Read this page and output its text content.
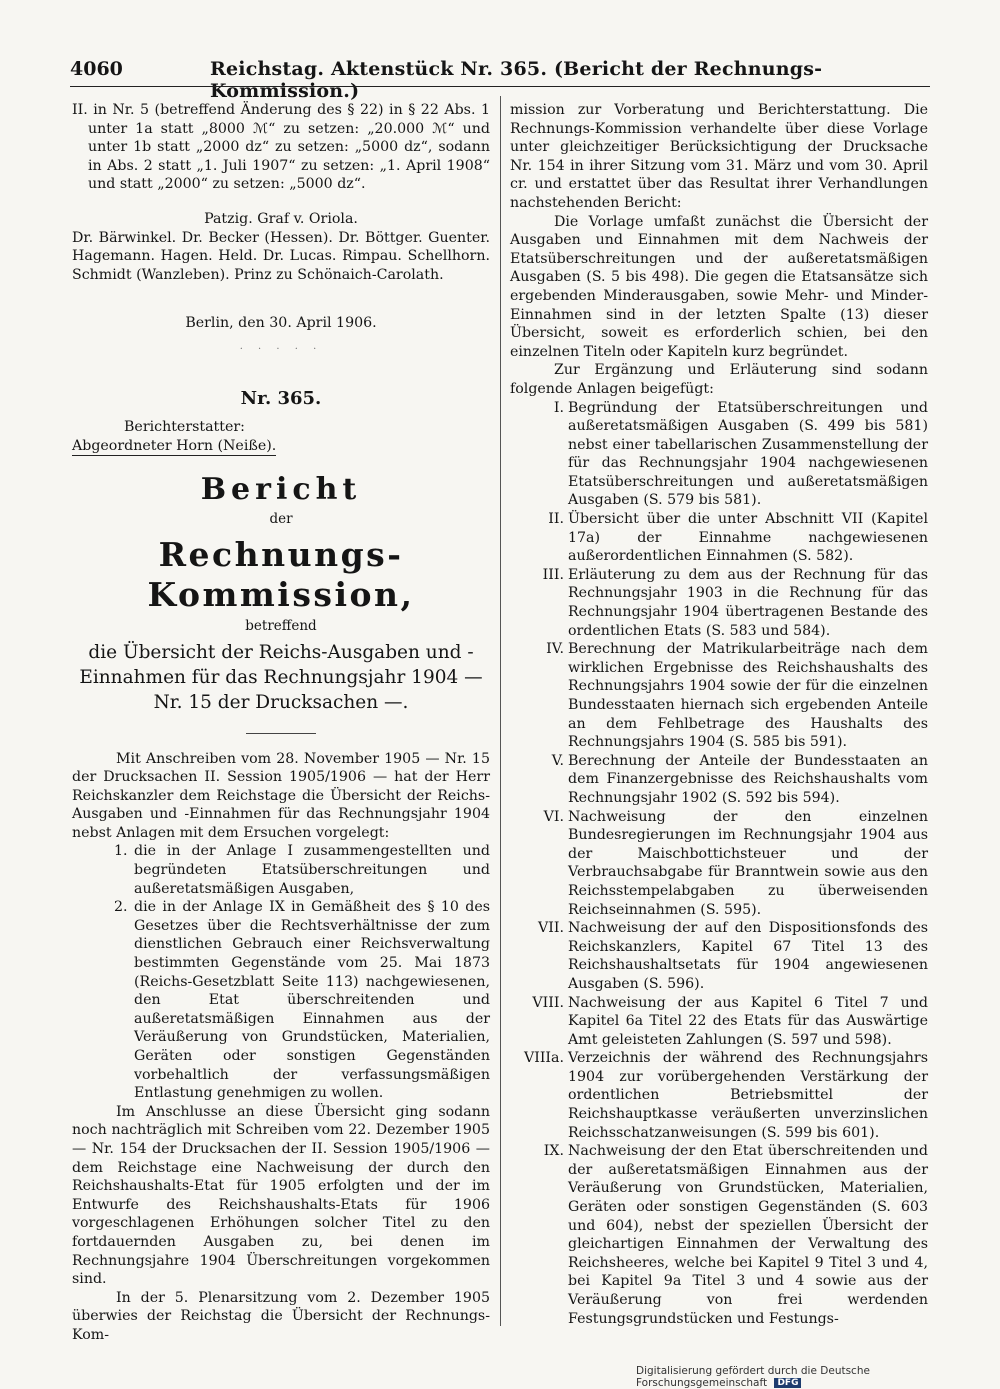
4060	Reichstag. Aktenstück Nr. 365. (Bericht der Rechnungs-Kommission.)
II. in Nr. 5 (betreffend Änderung des § 22) in § 22 Abs. 1 unter 1a statt „8000 ℳ“ zu setzen: „20.000 ℳ“ und unter 1b statt „2000 dz“ zu setzen: „5000 dz“, sodann in Abs. 2 statt „1. Juli 1907“ zu setzen: „1. April 1908“ und statt „2000“ zu setzen: „5000 dz“.
Patzig. Graf v. Oriola.
Dr. Bärwinkel. Dr. Becker (Hessen). Dr. Böttger. Guenter. Hagemann. Hagen. Held. Dr. Lucas. Rimpau. Schellhorn. Schmidt (Wanzleben). Prinz zu Schönaich-Carolath.
Berlin, den 30. April 1906.
· · · · ·
Nr. 365.
Berichterstatter:
Abgeordneter Horn (Neiße).
Bericht
der
Rechnungs-Kommission,
betreffend
die Übersicht der Reichs-Ausgaben und -Einnahmen für das Rechnungsjahr 1904 — Nr. 15 der Drucksachen —.
Mit Anschreiben vom 28. November 1905 — Nr. 15 der Drucksachen II. Session 1905/1906 — hat der Herr Reichskanzler dem Reichstage die Übersicht der Reichs-Ausgaben und -Einnahmen für das Rechnungsjahr 1904 nebst Anlagen mit dem Ersuchen vorgelegt:
1. die in der Anlage I zusammengestellten und begründeten Etatsüberschreitungen und außeretatsmäßigen Ausgaben,
2. die in der Anlage IX in Gemäßheit des § 10 des Gesetzes über die Rechtsverhältnisse der zum dienstlichen Gebrauch einer Reichsverwaltung bestimmten Gegenstände vom 25. Mai 1873 (Reichs-Gesetzblatt Seite 113) nachgewiesenen, den Etat überschreitenden und außeretatsmäßigen Einnahmen aus der Veräußerung von Grundstücken, Materialien, Geräten oder sonstigen Gegenständen vorbehaltlich der verfassungsmäßigen Entlastung genehmigen zu wollen.
Im Anschlusse an diese Übersicht ging sodann noch nachträglich mit Schreiben vom 22. Dezember 1905 — Nr. 154 der Drucksachen der II. Session 1905/1906 — dem Reichstage eine Nachweisung der durch den Reichshaushalts-Etat für 1905 erfolgten und der im Entwurfe des Reichshaushalts-Etats für 1906 vorgeschlagenen Erhöhungen solcher Titel zu den fortdauernden Ausgaben zu, bei denen im Rechnungsjahre 1904 Überschreitungen vorgekommen sind.
In der 5. Plenarsitzung vom 2. Dezember 1905 überwies der Reichstag die Übersicht der Rechnungs-Kom-
mission zur Vorberatung und Berichterstattung. Die Rechnungs-Kommission verhandelte über diese Vorlage unter gleichzeitiger Berücksichtigung der Drucksache Nr. 154 in ihrer Sitzung vom 31. März und vom 30. April cr. und erstattet über das Resultat ihrer Verhandlungen nachstehenden Bericht:
Die Vorlage umfaßt zunächst die Übersicht der Ausgaben und Einnahmen mit dem Nachweis der Etatsüberschreitungen und der außeretatsmäßigen Ausgaben (S. 5 bis 498). Die gegen die Etatsansätze sich ergebenden Minderausgaben, sowie Mehr- und Minder-Einnahmen sind in der letzten Spalte (13) dieser Übersicht, soweit es erforderlich schien, bei den einzelnen Titeln oder Kapiteln kurz begründet.
Zur Ergänzung und Erläuterung sind sodann folgende Anlagen beigefügt:
I. Begründung der Etatsüberschreitungen und außeretatsmäßigen Ausgaben (S. 499 bis 581) nebst einer tabellarischen Zusammenstellung der für das Rechnungsjahr 1904 nachgewiesenen Etatsüberschreitungen und außeretatsmäßigen Ausgaben (S. 579 bis 581).
II. Übersicht über die unter Abschnitt VII (Kapitel 17a) der Einnahme nachgewiesenen außerordentlichen Einnahmen (S. 582).
III. Erläuterung zu dem aus der Rechnung für das Rechnungsjahr 1903 in die Rechnung für das Rechnungsjahr 1904 übertragenen Bestande des ordentlichen Etats (S. 583 und 584).
IV. Berechnung der Matrikularbeiträge nach dem wirklichen Ergebnisse des Reichshaushalts des Rechnungsjahrs 1904 sowie der für die einzelnen Bundesstaaten hiernach sich ergebenden Anteile an dem Fehlbetrage des Haushalts des Rechnungsjahrs 1904 (S. 585 bis 591).
V. Berechnung der Anteile der Bundesstaaten an dem Finanzergebnisse des Reichshaushalts vom Rechnungsjahr 1902 (S. 592 bis 594).
VI. Nachweisung der den einzelnen Bundesregierungen im Rechnungsjahr 1904 aus der Maischbottichsteuer und der Verbrauchsabgabe für Branntwein sowie aus den Reichsstempelabgaben zu überweisenden Reichseinnahmen (S. 595).
VII. Nachweisung der auf den Dispositionsfonds des Reichskanzlers, Kapitel 67 Titel 13 des Reichshaushaltsetats für 1904 angewiesenen Ausgaben (S. 596).
VIII. Nachweisung der aus Kapitel 6 Titel 7 und Kapitel 6a Titel 22 des Etats für das Auswärtige Amt geleisteten Zahlungen (S. 597 und 598).
VIIIa. Verzeichnis der während des Rechnungsjahrs 1904 zur vorübergehenden Verstärkung der ordentlichen Betriebsmittel der Reichshauptkasse veräußerten unverzinslichen Reichsschatzanweisungen (S. 599 bis 601).
IX. Nachweisung der den Etat überschreitenden und der außeretatsmäßigen Einnahmen aus der Veräußerung von Grundstücken, Materialien, Geräten oder sonstigen Gegenständen (S. 603 und 604), nebst der speziellen Übersicht der gleichartigen Einnahmen der Verwaltung des Reichsheeres, welche bei Kapitel 9 Titel 3 und 4, bei Kapitel 9a Titel 3 und 4 sowie aus der Veräußerung von frei werdenden Festungsgrundstücken und Festungs-
Digitalisierung gefördert durch die Deutsche Forschungsgemeinschaft DFG
